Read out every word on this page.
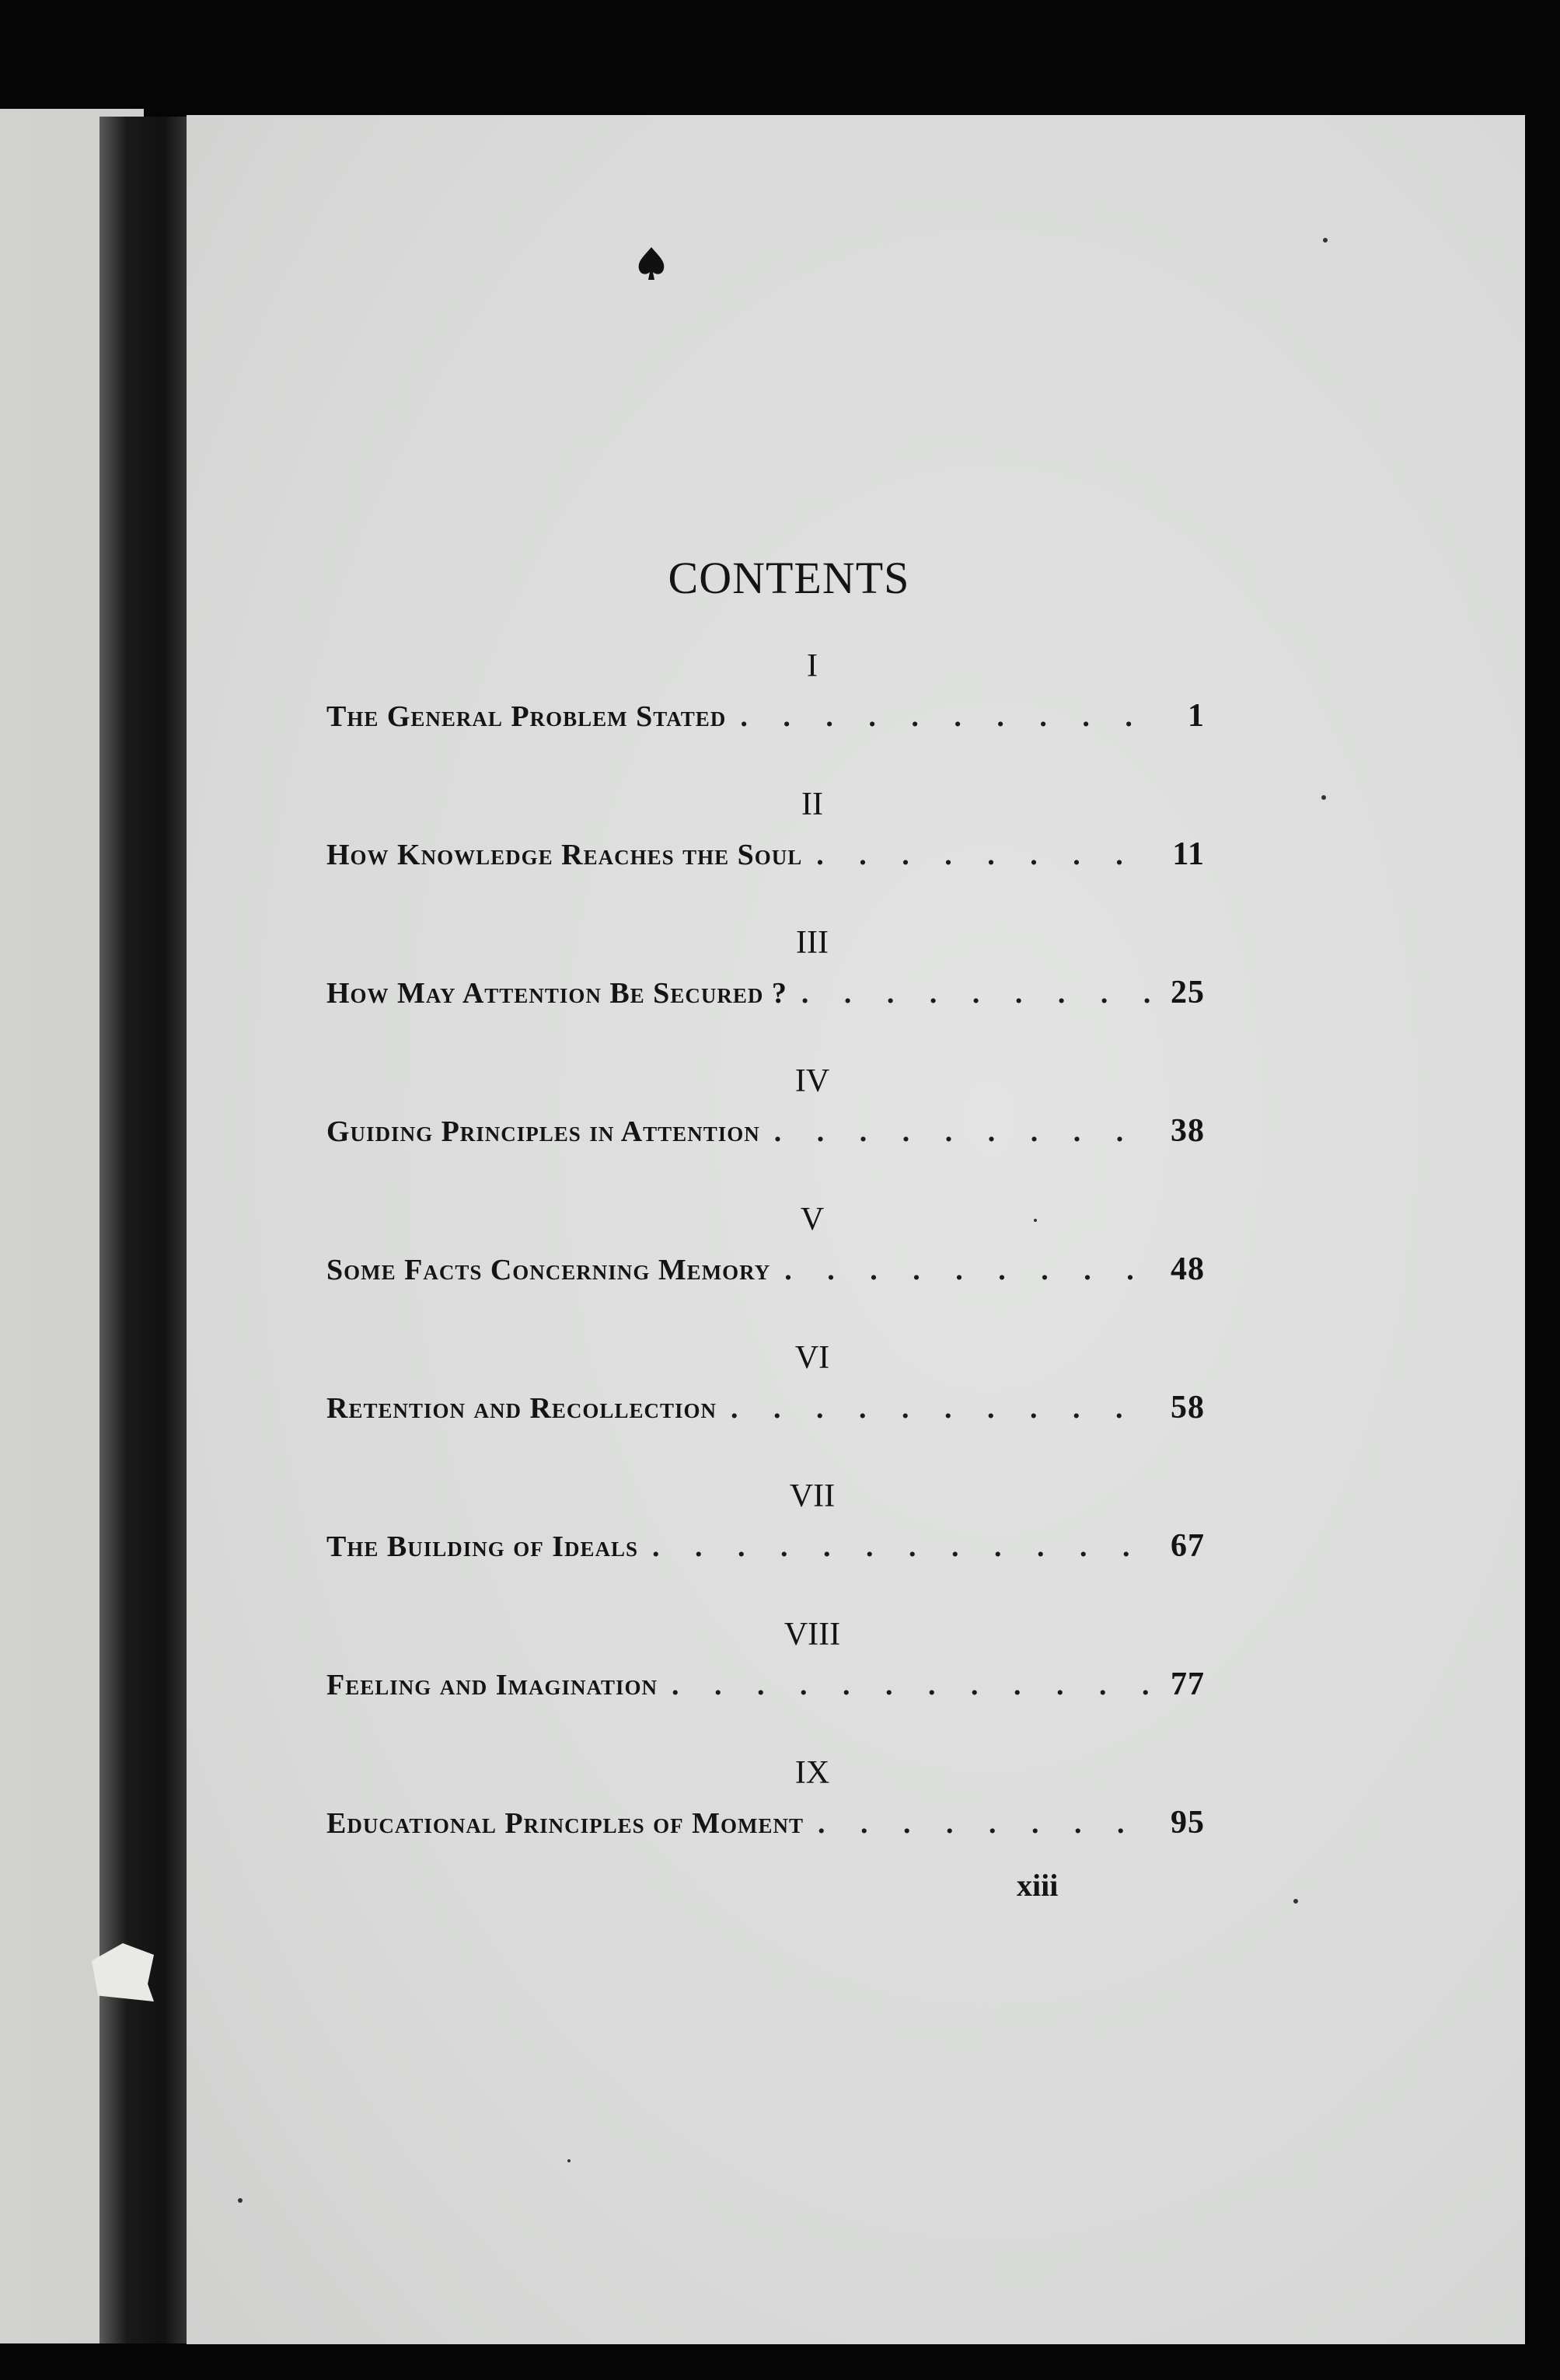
CONTENTS
I
The General Problem Stated . . .	1
II
How Knowledge Reaches the Soul . . .	11
III
How May Attention Be Secured ? . . .	25
IV
Guiding Principles in Attention . . .	38
V
Some Facts Concerning Memory . . .	48
VI
Retention and Recollection . . .	58
VII
The Building of Ideals . . .	67
VIII
Feeling and Imagination . . .	77
IX
Educational Principles of Moment . . .	95
xiii
